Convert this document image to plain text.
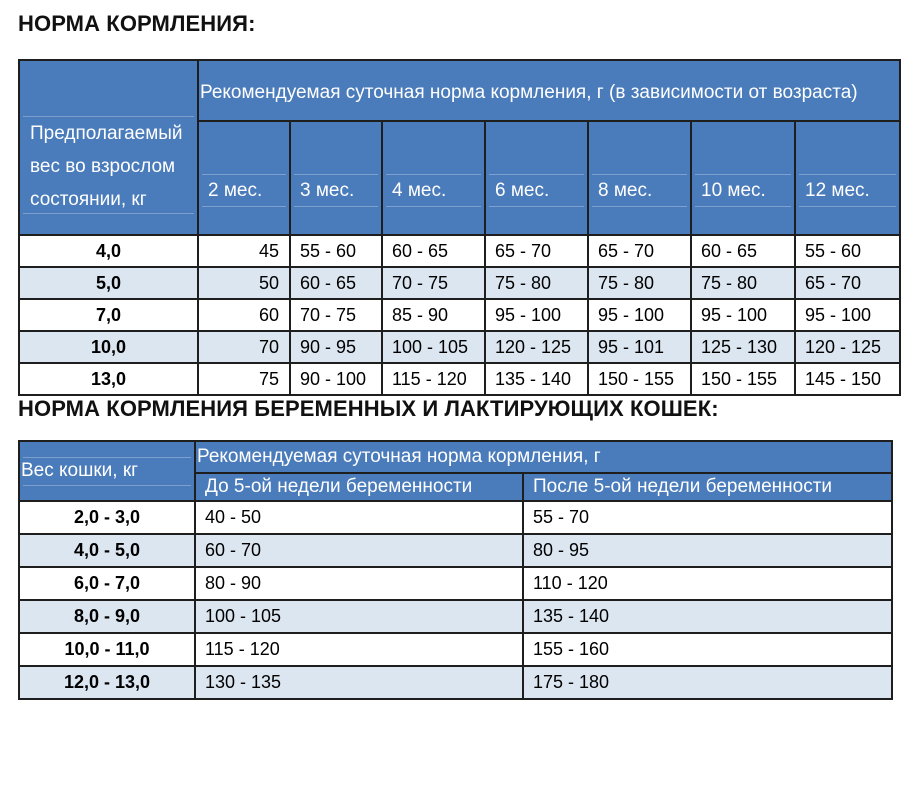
НОРМА КОРМЛЕНИЯ:
Предполагаемый вес во взрослом состоянии, кг	Рекомендуемая суточная норма кормления, г (в зависимости от возраста)						
	2 мес.	3 мес.	4 мес.	6 мес.	8 мес.	10 мес.	12 мес.
4,0	45	55 - 60	60 - 65	65 - 70	65 - 70	60 - 65	55 - 60
5,0	50	60 - 65	70 - 75	75 - 80	75 - 80	75 - 80	65 - 70
7,0	60	70 - 75	85 - 90	95 - 100	95 - 100	95 - 100	95 - 100
10,0	70	90 - 95	100 - 105	120 - 125	95 - 101	125 - 130	120 - 125
13,0	75	90 - 100	115 - 120	135 - 140	150 - 155	150 - 155	145 - 150
НОРМА КОРМЛЕНИЯ БЕРЕМЕННЫХ И ЛАКТИРУЮЩИХ КОШЕК:
Вес кошки, кг	Рекомендуемая суточная норма кормления, г	
	До 5-ой недели беременности	После 5-ой недели беременности
2,0 - 3,0	40 - 50	55 - 70
4,0 - 5,0	60 - 70	80 - 95
6,0 - 7,0	80 - 90	110 - 120
8,0 - 9,0	100 - 105	135 - 140
10,0 - 11,0	115 - 120	155 - 160
12,0 - 13,0	130 - 135	175 - 180
